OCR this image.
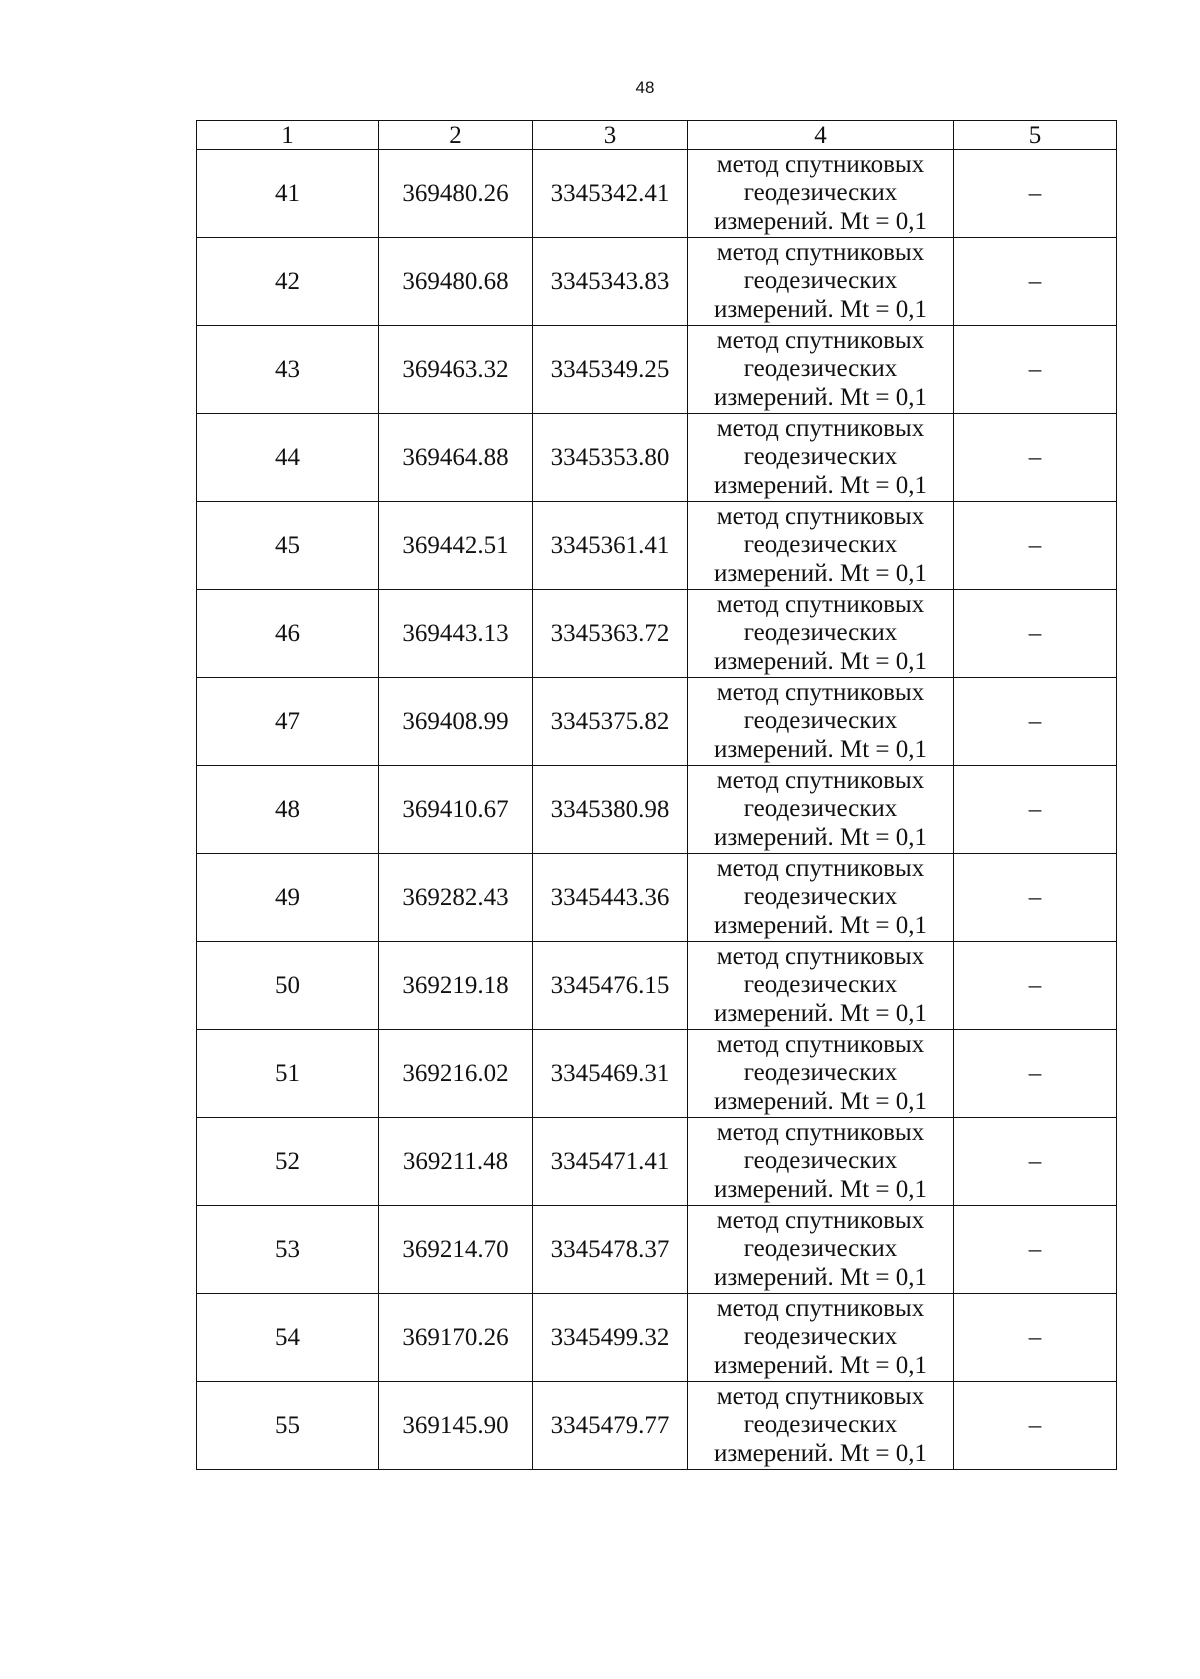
48
1	2	3	4	5
41	369480.26	3345342.41	метод спутниковых
геодезических
измерений. Mt = 0,1	–
42	369480.68	3345343.83	метод спутниковых
геодезических
измерений. Mt = 0,1	–
43	369463.32	3345349.25	метод спутниковых
геодезических
измерений. Mt = 0,1	–
44	369464.88	3345353.80	метод спутниковых
геодезических
измерений. Mt = 0,1	–
45	369442.51	3345361.41	метод спутниковых
геодезических
измерений. Mt = 0,1	–
46	369443.13	3345363.72	метод спутниковых
геодезических
измерений. Mt = 0,1	–
47	369408.99	3345375.82	метод спутниковых
геодезических
измерений. Mt = 0,1	–
48	369410.67	3345380.98	метод спутниковых
геодезических
измерений. Mt = 0,1	–
49	369282.43	3345443.36	метод спутниковых
геодезических
измерений. Mt = 0,1	–
50	369219.18	3345476.15	метод спутниковых
геодезических
измерений. Mt = 0,1	–
51	369216.02	3345469.31	метод спутниковых
геодезических
измерений. Mt = 0,1	–
52	369211.48	3345471.41	метод спутниковых
геодезических
измерений. Mt = 0,1	–
53	369214.70	3345478.37	метод спутниковых
геодезических
измерений. Mt = 0,1	–
54	369170.26	3345499.32	метод спутниковых
геодезических
измерений. Mt = 0,1	–
55	369145.90	3345479.77	метод спутниковых
геодезических
измерений. Mt = 0,1	–
